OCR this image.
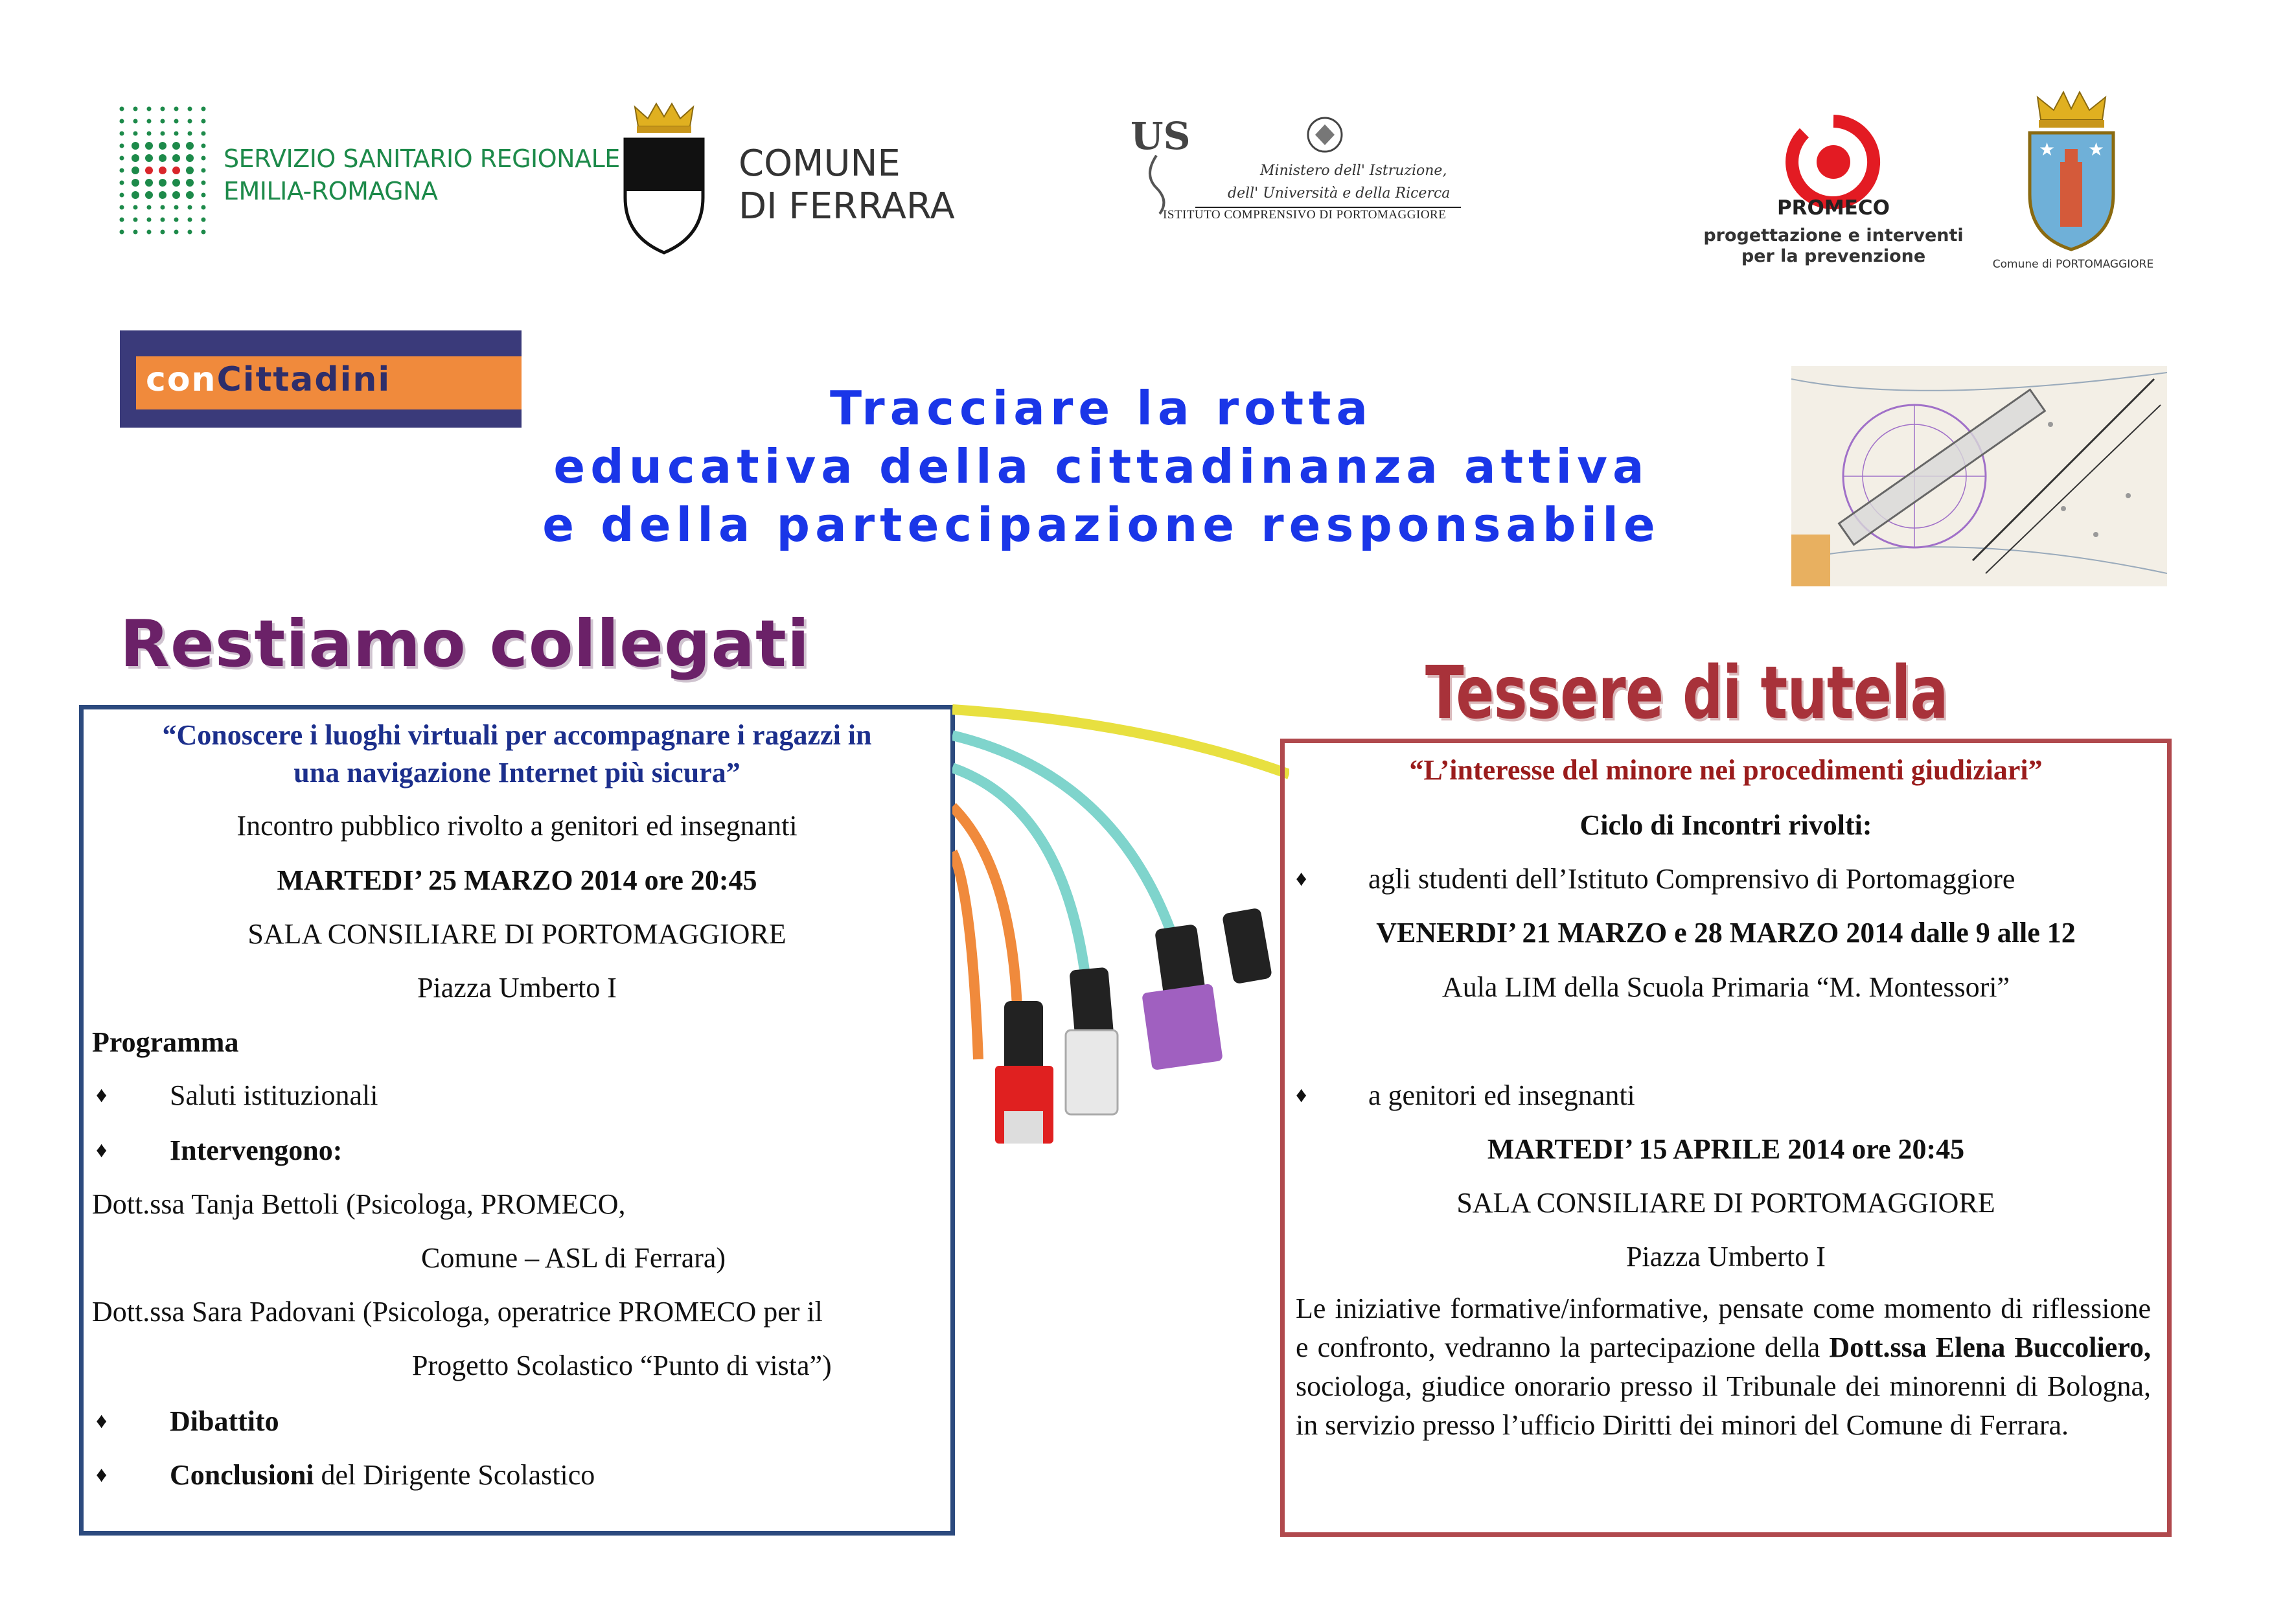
SERVIZIO SANITARIO REGIONALE
EMILIA-ROMAGNA
COMUNE
DI FERRARA
US
Ministero dell' Istruzione,
dell' Università e della Ricerca
ISTITUTO COMPRENSIVO DI PORTOMAGGIORE	PROMECO
progettazione e interventi
per la prevenzione
★ ★
Comune di PORTOMAGGIORE
conCittadini
Tracciare la rotta
educativa della cittadinanza attiva
e della partecipazione responsabile
Restiamo collegati
“Conoscere i luoghi virtuali per accompagnare i ragazzi in
una navigazione Internet più sicura”
Incontro pubblico rivolto a genitori ed insegnanti
MARTEDI’ 25 MARZO 2014 ore 20:45
SALA CONSILIARE DI PORTOMAGGIORE
Piazza Umberto I
Programma
♦ Saluti istituzionali
♦ Intervengono:
Dott.ssa Tanja Bettoli (Psicologa, PROMECO,
Comune – ASL di Ferrara)
Dott.ssa Sara Padovani (Psicologa, operatrice PROMECO per il
Progetto Scolastico “Punto di vista”)
♦ Dibattito
♦ Conclusioni del Dirigente Scolastico
Tessere di tutela
“L’interesse del minore nei procedimenti giudiziari”
Ciclo di Incontri rivolti:
♦ agli studenti dell’Istituto Comprensivo di Portomaggiore
VENERDI’ 21 MARZO e 28 MARZO 2014 dalle 9 alle 12
Aula LIM della Scuola Primaria “M. Montessori”
♦ a genitori ed insegnanti
MARTEDI’ 15 APRILE 2014 ore 20:45
SALA CONSILIARE DI PORTOMAGGIORE
Piazza Umberto I
Le iniziative formative/informative, pensate come momento di riflessione e confronto, vedranno la partecipazione della Dott.ssa Elena Buccoliero, sociologa, giudice onorario presso il Tribunale dei minorenni di Bologna, in servizio presso l’ufficio Diritti dei minori del Comune di Ferrara.
